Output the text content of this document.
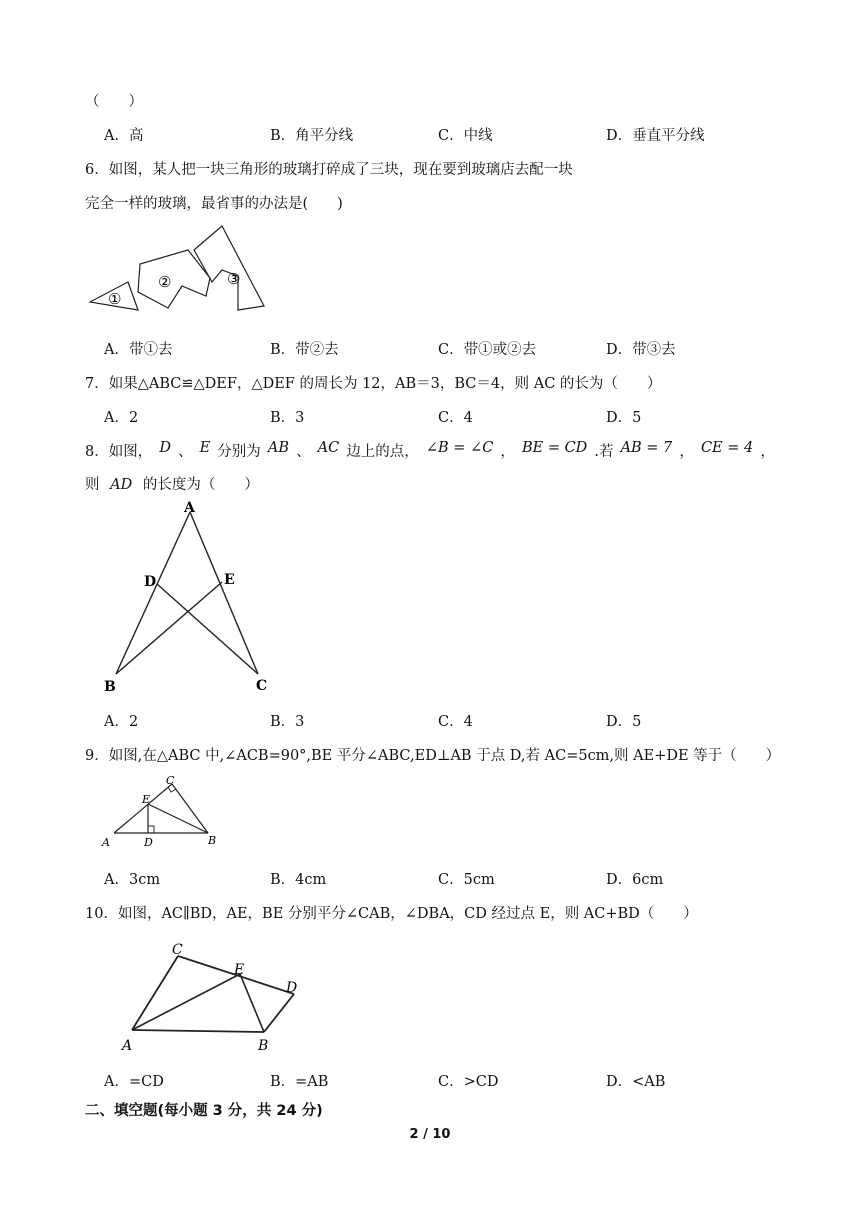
（　　）
A．高	B．角平分线	C．中线	D．垂直平分线
6．如图，某人把一块三角形的玻璃打碎成了三块，现在要到玻璃店去配一块
完全一样的玻璃，最省事的办法是(　　)
①
②	③
A．带①去	B．带②去	C．带①或②去	D．带③去
7．如果△ABC≌△DEF，△DEF 的周长为 12，AB＝3，BC＝4，则 AC 的长为（　　）
A．2	B．3	C．4	D．5
8．如图， D 、 E 分别为 AB 、 AC 边上的点， ∠B = ∠C ， BE = CD .若 AB = 7 ， CE = 4 ，
则 AD 的长度为（　　）
A
D	E
B	C
A．2	B．3	C．4	D．5
9．如图,在△ABC 中,∠ACB=90°,BE 平分∠ABC,ED⊥AB 于点 D,若 AC=5cm,则 AE+DE 等于（　　）
C
E
A	D	B
A．3cm	B．4cm	C．5cm	D．6cm
10．如图，AC∥BD，AE，BE 分别平分∠CAB，∠DBA，CD 经过点 E，则 AC+BD（　　）
C
E
D
A	B
A．=CD	B．=AB	C．>CD	D．<AB
二、填空题(每小题 3 分，共 24 分)
2 / 10
